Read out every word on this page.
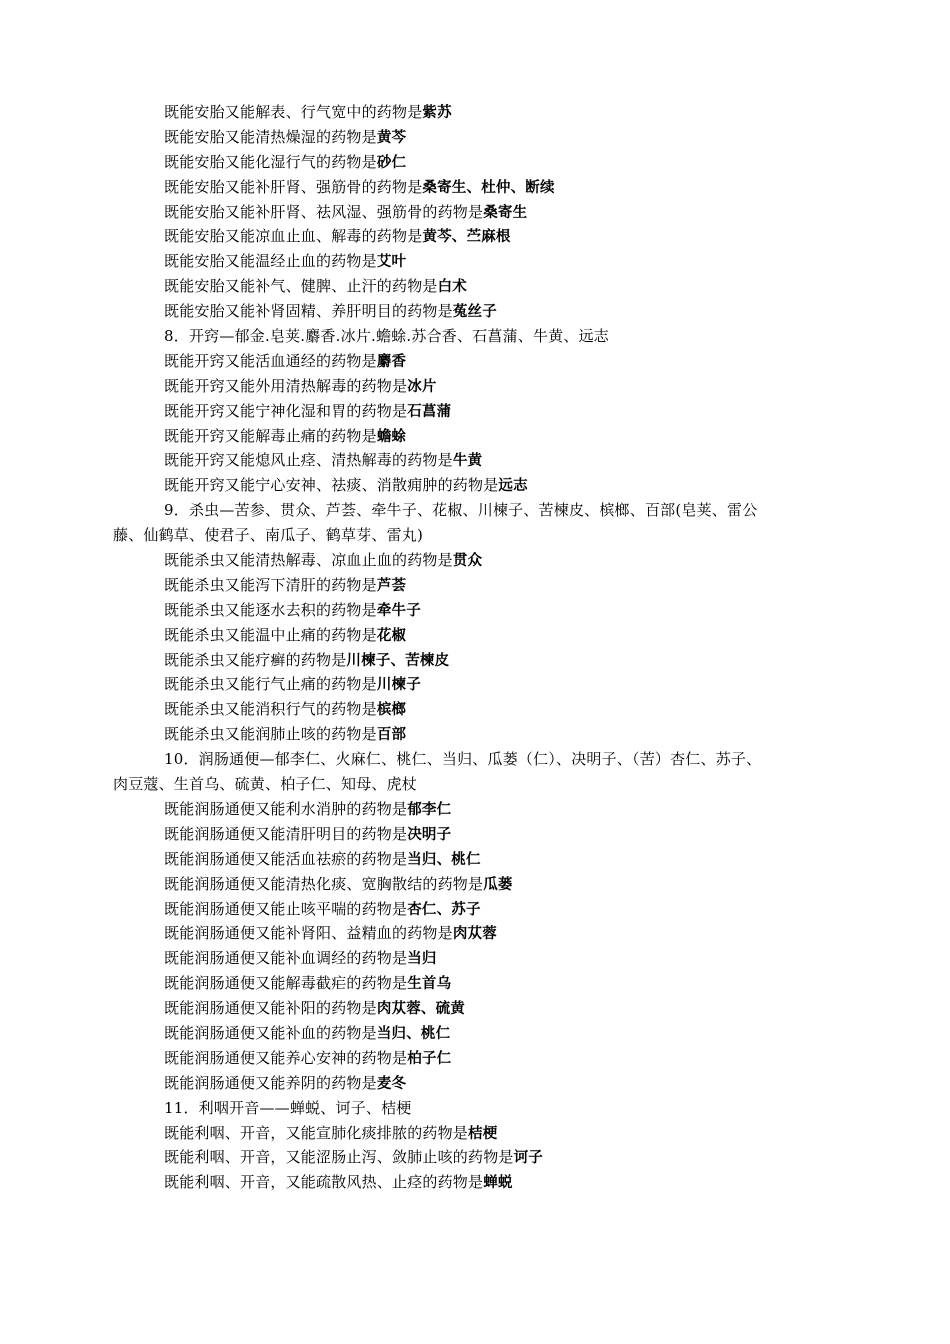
既能安胎又能解表、行气宽中的药物是紫苏
既能安胎又能清热燥湿的药物是黄芩
既能安胎又能化湿行气的药物是砂仁
既能安胎又能补肝肾、强筋骨的药物是桑寄生、杜仲、断续
既能安胎又能补肝肾、祛风湿、强筋骨的药物是桑寄生
既能安胎又能凉血止血、解毒的药物是黄芩、苎麻根
既能安胎又能温经止血的药物是艾叶
既能安胎又能补气、健脾、止汗的药物是白术
既能安胎又能补肾固精、养肝明目的药物是菟丝子
8．开窍—郁金.皂荚.麝香.冰片.蟾蜍.苏合香、石菖蒲、牛黄、远志
既能开窍又能活血通经的药物是麝香
既能开窍又能外用清热解毒的药物是冰片
既能开窍又能宁神化湿和胃的药物是石菖蒲
既能开窍又能解毒止痛的药物是蟾蜍
既能开窍又能熄风止痉、清热解毒的药物是牛黄
既能开窍又能宁心安神、祛痰、消散痈肿的药物是远志
9．杀虫—苦参、贯众、芦荟、牵牛子、花椒、川楝子、苦楝皮、槟榔、百部(皂荚、雷公
藤、仙鹤草、使君子、南瓜子、鹤草芽、雷丸)
既能杀虫又能清热解毒、凉血止血的药物是贯众
既能杀虫又能泻下清肝的药物是芦荟
既能杀虫又能逐水去积的药物是牵牛子
既能杀虫又能温中止痛的药物是花椒
既能杀虫又能疗癣的药物是川楝子、苦楝皮
既能杀虫又能行气止痛的药物是川楝子
既能杀虫又能消积行气的药物是槟榔
既能杀虫又能润肺止咳的药物是百部
10．润肠通便—郁李仁、火麻仁、桃仁、当归、瓜蒌（仁）、决明子、（苦）杏仁、苏子、
肉豆蔻、生首乌、硫黄、柏子仁、知母、虎杖
既能润肠通便又能利水消肿的药物是郁李仁
既能润肠通便又能清肝明目的药物是决明子
既能润肠通便又能活血祛瘀的药物是当归、桃仁
既能润肠通便又能清热化痰、宽胸散结的药物是瓜蒌
既能润肠通便又能止咳平喘的药物是杏仁、苏子
既能润肠通便又能补肾阳、益精血的药物是肉苁蓉
既能润肠通便又能补血调经的药物是当归
既能润肠通便又能解毒截疟的药物是生首乌
既能润肠通便又能补阳的药物是肉苁蓉、硫黄
既能润肠通便又能补血的药物是当归、桃仁
既能润肠通便又能养心安神的药物是柏子仁
既能润肠通便又能养阴的药物是麦冬
11．利咽开音——蝉蜕、诃子、桔梗
既能利咽、开音，又能宣肺化痰排脓的药物是桔梗
既能利咽、开音，又能涩肠止泻、敛肺止咳的药物是诃子
既能利咽、开音，又能疏散风热、止痉的药物是蝉蜕
